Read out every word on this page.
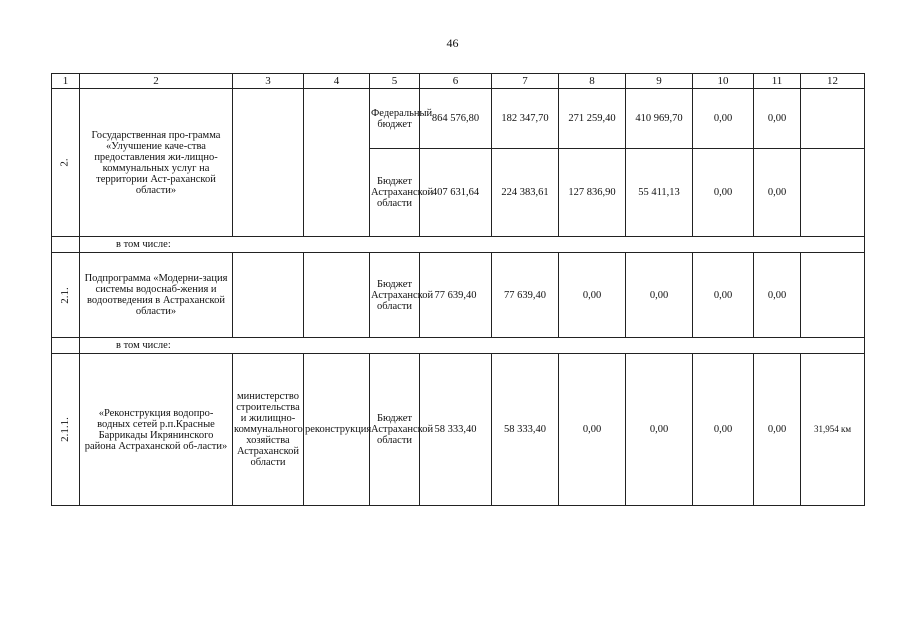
46
1	2	3	4	5	6	7	8	9	10	11	12
2.	Государственная про-грамма «Улучшение каче-ства предоставления жи-лищно-коммунальных услуг на территории Аст-раханской области»			Федеральный бюджет	864 576,80	182 347,70	271 259,40	410 969,70	0,00	0,00	
				Бюджет Астраханской области	407 631,64	224 383,61	127 836,90	55 411,13	0,00	0,00	
	в том числе:										
2.1.	Подпрограмма «Модерни-зация системы водоснаб-жения и водоотведения в Астраханской области»			Бюджет Астраханской области	77 639,40	77 639,40	0,00	0,00	0,00	0,00	
	в том числе:										
2.1.1.	«Реконструкция водопро-водных сетей р.п.Красные Баррикады Икрянинского района Астраханской об-ласти»	министерство строительства и жилищно-коммунального хозяйства Астраханской области	реконструкция	Бюджет Астраханской области	58 333,40	58 333,40	0,00	0,00	0,00	0,00	31,954 км
